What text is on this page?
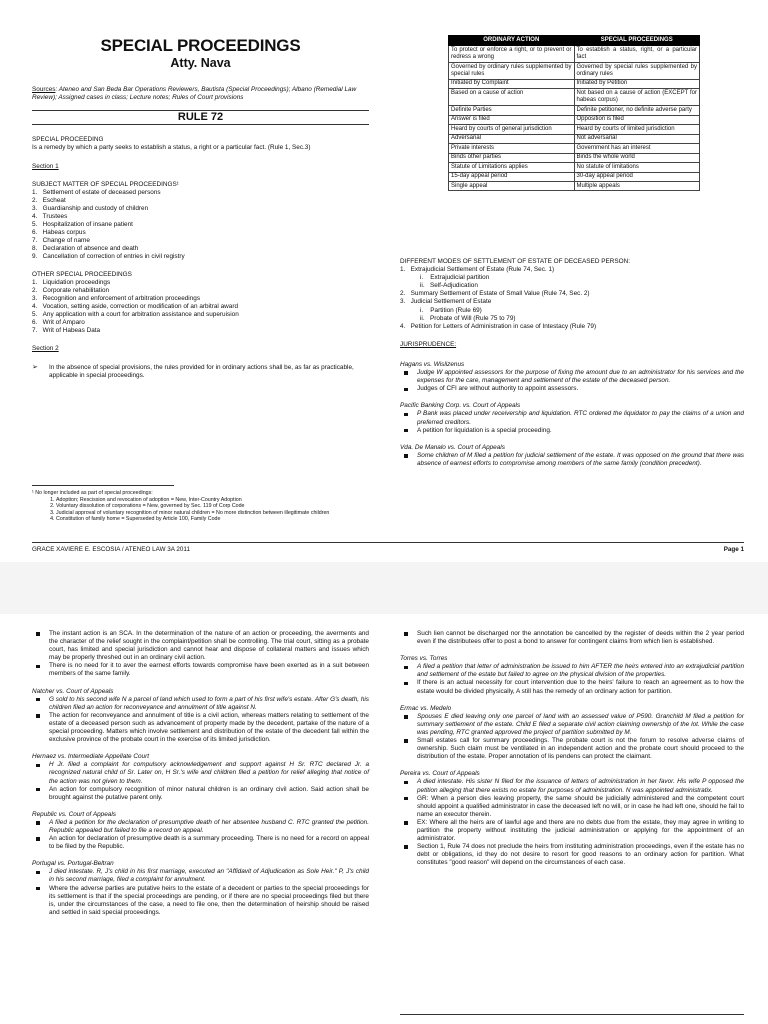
SPECIAL PROCEEDINGS
Atty. Nava
Sources: Ateneo and San Beda Bar Operations Reviewers, Bautista (Special Proceedings); Albano (Remedial Law Review); Assigned cases in class; Lecture notes; Rules of Court provisions
RULE 72
SPECIAL PROCEEDING
Is a remedy by which a party seeks to establish a status, a right or a particular fact. (Rule 1, Sec.3)
Section 1
SUBJECT MATTER OF SPECIAL PROCEEDINGS¹
1.   Settlement of estate of deceased persons
2.   Escheat
3.   Guardianship and custody of children
4.   Trustees
5.   Hospitalization of insane patient
6.   Habeas corpus
7.   Change of name
8.   Declaration of absence and death
9.   Cancellation of correction of entries in civil registry
OTHER SPECIAL PROCEEDINGS
1.   Liquidation proceedings
2.   Corporate rehabilitation
3.   Recognition and enforcement of arbitration proceedings
4.   Vocation, setting aside, correction or modification of an arbitral award
5.   Any application with a court for arbitration assistance and superuision
6.   Writ of Amparo
7.   Writ of Habeas Data
Section 2
➢ In the absence of special provisions, the rules provided for in ordinary actions shall be, as far as practicable, applicable in special proceedings.
¹ No longer included as part of special proceedings:
1. Adoption; Rescission and revocation of adoption = New, Inter-Country Adoption
2. Voluntary dissolution of corporations = New, governed by Sec. 119 of Corp Code
3. Judicial approval of voluntary recognition of minor natural children = No more distinction between illegitimate children
4. Constitution of family home = Superseded by Article 100, Family Code
ORDINARY ACTION	SPECIAL PROCEEDINGS
To protect or enforce a right, or to prevent or redress a wrong	To establish a status, right, or a particular fact
Governed by ordinary rules supplemented by special rules	Governed by special rules supplemented by ordinary rules
Initiated by Complaint	Initiated by Petition
Based on a cause of action	Not based on a cause of action (EXCEPT for habeas corpus)
Definite Parties	Definite petitioner, no definite adverse party
Answer is filed	Opposition is filed
Heard by courts of general jurisdiction	Heard by courts of limited jurisdiction
Adversarial	Not adversarial
Private interests	Government has an interest
Binds other parties	Binds the whole world
Statute of Limitations applies	No statute of limitations
15-day appeal period	30-day appeal period
Single appeal	Multiple appeals
DIFFERENT MODES OF SETTLEMENT OF ESTATE OF DECEASED PERSON:
1.   Extrajudicial Settlement of Estate (Rule 74, Sec. 1)
i.    Extrajudicial partition
ii.   Self-Adjudication
2.   Summary Settlement of Estate of Small Value (Rule 74, Sec. 2)
3.   Judicial Settlement of Estate
i.    Partition (Rule 69)
ii.   Probate of Will (Rule 75 to 79)
4.   Petition for Letters of Administration in case of Intestacy (Rule 79)
JURISPRUDENCE:
Hagans vs. Wislizenus
Judge W appointed assessors for the purpose of fixing the amount due to an administrator for his services and the expenses for the care, management and settlement of the estate of the deceased person.
Judges of CFI are without authority to appoint assessors.
Pacific Banking Corp. vs. Court of Appeals
P Bank was placed under receivership and liquidation. RTC ordered the liquidator to pay the claims of a union and preferred creditors.
A petition for liquidation is a special proceeding.
Vda. De Manalo vs. Court of Appeals
Some children of M filed a petition for judicial settlement of the estate. It was opposed on the ground that there was absence of earnest efforts to compromise among members of the same family (condition precedent).
GRACE XAVIERE E. ESCOSIA / ATENEO LAW 3A 2011	Page 1
The instant action is an SCA. In the determination of the nature of an action or proceeding, the averments and the character of the relief sought in the complaint/petition shall be controlling. The trial court, sitting as a probate court, has limited and special jurisdiction and cannot hear and dispose of collateral matters and issues which may be properly threshed out in an ordinary civil action.
There is no need for it to aver the earnest efforts towards compromise have been exerted as in a suit between members of the same family.
Natcher vs. Court of Appeals
G sold to his second wife N a parcel of land which used to form a part of his first wife's estate. After G's death, his children filed an action for reconveyance and annulment of title against N.
The action for reconveyance and annulment of title is a civil action, whereas matters relating to settlement of the estate of a deceased person such as advancement of property made by the decedent, partake of the nature of a special proceeding. Matters which involve settlement and distribution of the estate of the decedent fall within the exclusive province of the probate court in the exercise of its limited jurisdiction.
Hernaez vs. Intermediate Appellate Court
H Jr. filed a complaint for compulsory acknowledgement and support against H Sr. RTC declared Jr. a recognized natural child of Sr. Later on, H Sr.'s wife and children filed a petition for relief alleging that notice of the action was not given to them.
An action for compulsory recognition of minor natural children is an ordinary civil action. Said action shall be brought against the putative parent only.
Republic vs. Court of Appeals
A filed a petition for the declaration of presumptive death of her absentee husband C. RTC granted the petition. Republic appealed but failed to file a record on appeal.
An action for declaration of presumptive death is a summary proceeding. There is no need for a record on appeal to be filed by the Republic.
Portugal vs. Portugal-Beltran
J died intestate. R, J's child in his first marriage, executed an "Affidavit of Adjudication as Sole Heir." P, J's child in his second marriage, filed a complaint for annulment.
Where the adverse parties are putative heirs to the estate of a decedent or parties to the special proceedings for its settlement is that if the special proceedings are pending, or if there are no special proceedings filed but there is, under the circumstances of the case, a need to file one, then the determination of heirship should be raised and settled in said special proceedings.
Such lien cannot be discharged nor the annotation be cancelled by the register of deeds within the 2 year period even if the distributees offer to post a bond to answer for contingent claims from which lien is established.
Torres vs. Torres
A filed a petition that letter of administration be issued to him AFTER the heirs entered into an extrajudicial partition and settlement of the estate but failed to agree on the physical division of the properties.
If there is an actual necessity for court intervention due to the heirs' failure to reach an agreement as to how the estate would be divided physically, A still has the remedy of an ordinary action for partition.
Ermac vs. Medelo
Spouses E died leaving only one parcel of land with an assessed value of P590. Granchild M filed a petition for summary settlement of the estate. Child E filed a separate civil action claiming ownership of the lot. While the case was pending, RTC granted approved the project of partition submitted by M.
Small estates call for summary proceedings. The probate court is not the forum to resolve adverse claims of ownership. Such claim must be ventilated in an independent action and the probate court should proceed to the distribution of the estate. Proper annotation of lis pendens can protect the claimant.
Pereira vs. Court of Appeals
A died intestate. His sister N filed for the issuance of letters of administration in her favor. His wife P opposed the petition alleging that there exists no estate for purposes of administration. N was appointed administratix.
GR: When a person dies leaving property, the same should be judicially administered and the competent court should appoint a qualified administrator in case the deceased left no will, or in case he had left one, should he fail to name an executor therein.
EX: Where all the heirs are of lawful age and there are no debts due from the estate, they may agree in writing to partition the property without instituting the judicial administration or applying for the appointment of an administrator.
Section 1, Rule 74 does not preclude the heirs from instituting administration proceedings, even if the estate has no debt or obligations, id they do not desire to resort for good reasons to an ordinary action for partition. What constitutes "good reason" will depend on the circumstances of each case.
